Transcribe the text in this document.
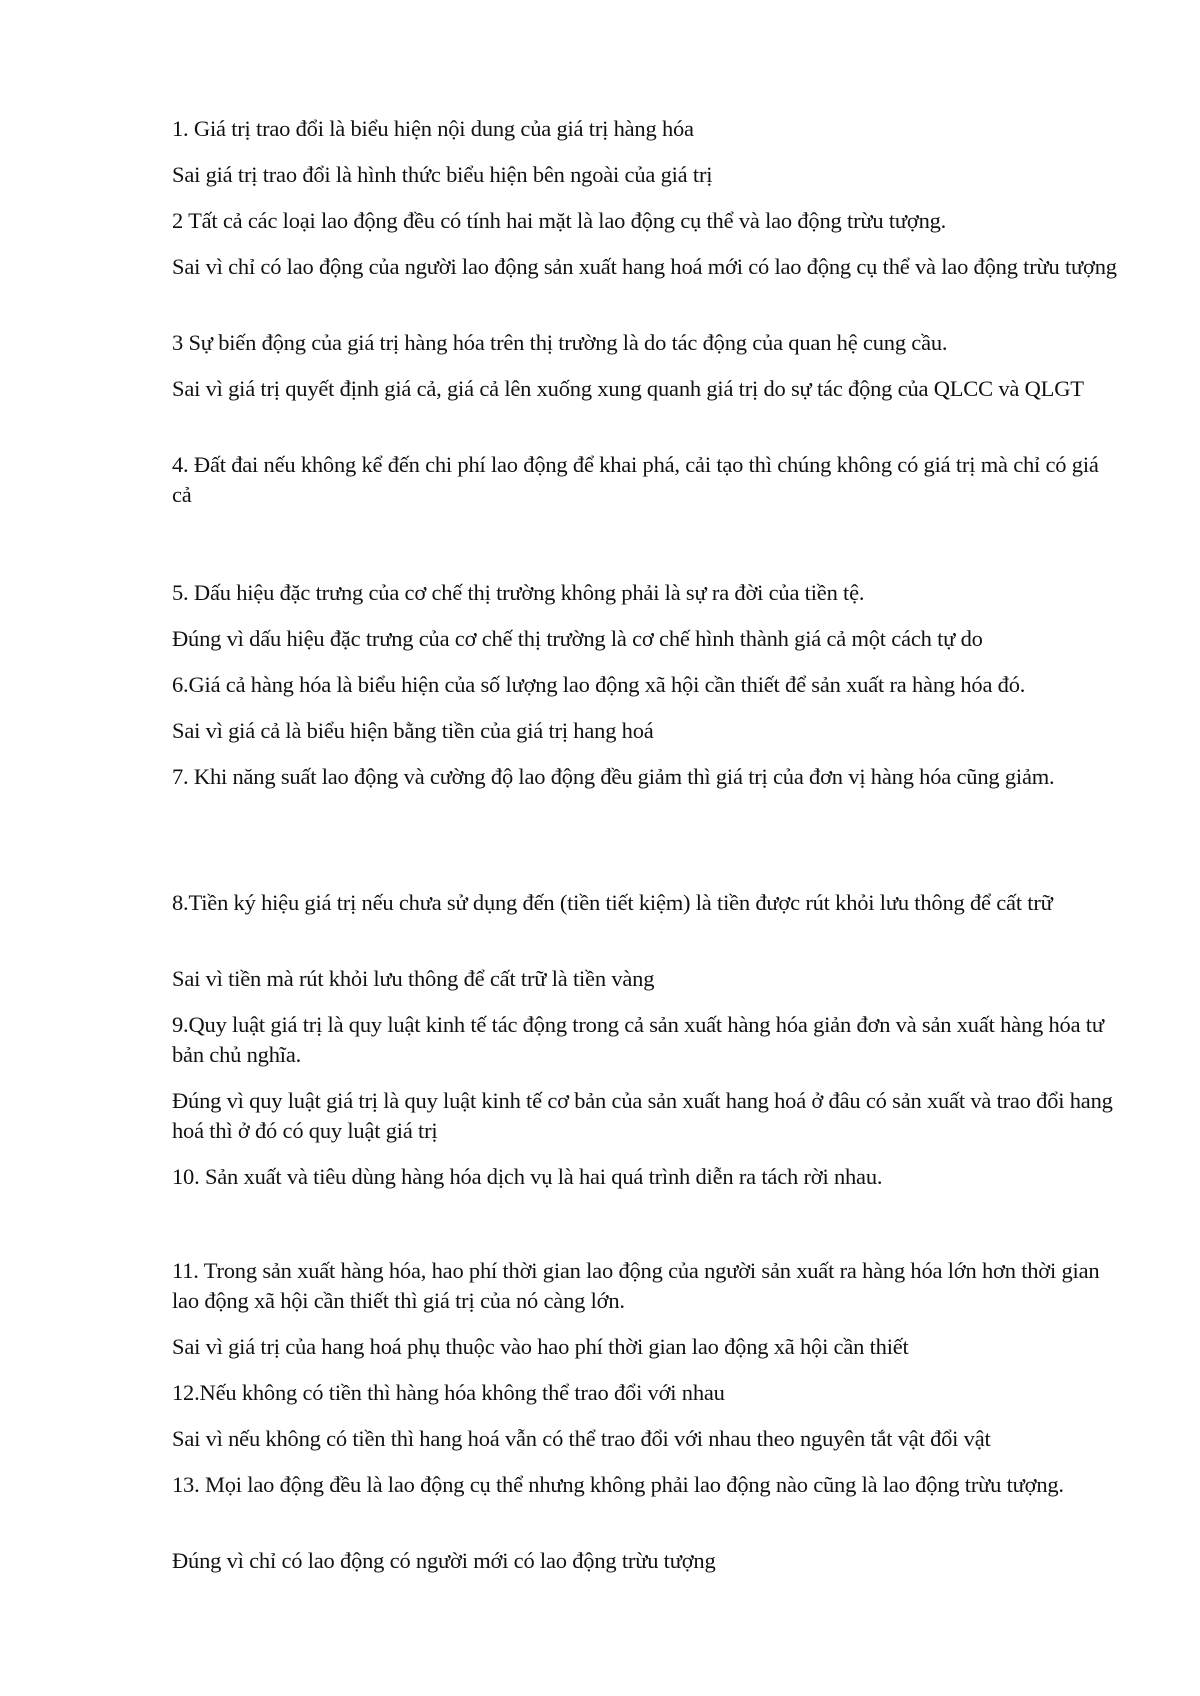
1. Giá trị trao đổi là biểu hiện nội dung của giá trị hàng hóa

Sai giá trị trao đổi là hình thức biểu hiện bên ngoài của giá trị

2 Tất cả các loại lao động đều có tính hai mặt là lao động cụ thể và lao động trừu tượng.

Sai vì chỉ có lao động của người lao động sản xuất hang hoá mới có lao động cụ thể và lao động trừu tượng

3 Sự biến động của giá trị hàng hóa trên thị trường là do tác động của quan hệ cung cầu.

Sai vì giá trị quyết định giá cả, giá cả lên xuống xung quanh giá trị do sự tác động của QLCC và QLGT

4. Đất đai nếu không kể đến chi phí lao động để khai phá, cải tạo thì chúng không có giá trị mà chỉ có giá cả

5. Dấu hiệu đặc trưng của cơ chế thị trường không phải là sự ra đời của tiền tệ.

Đúng vì dấu hiệu đặc trưng của cơ chế thị trường là cơ chế hình thành giá cả một cách tự do

6.Giá cả hàng hóa là biểu hiện của số lượng lao động xã hội cần thiết để sản xuất ra hàng hóa đó.

Sai vì giá cả là biểu hiện bằng tiền của giá trị hang hoá

7. Khi năng suất lao động và cường độ lao động đều giảm thì giá trị của đơn vị hàng hóa cũng giảm.

8.Tiền ký hiệu giá trị nếu chưa sử dụng đến (tiền tiết kiệm) là tiền được rút khỏi lưu thông để cất trữ

Sai vì tiền mà rút khỏi lưu thông để cất trữ là tiền vàng

9.Quy luật giá trị là quy luật kinh tế tác động trong cả sản xuất hàng hóa giản đơn và sản xuất hàng hóa tư bản chủ nghĩa.

Đúng vì quy luật giá trị là quy luật kinh tế cơ bản của sản xuất hang hoá ở đâu có sản xuất và trao đổi hang hoá thì ở đó có quy luật giá trị

10. Sản xuất và tiêu dùng hàng hóa dịch vụ là hai quá trình diễn ra tách rời nhau.

11. Trong sản xuất hàng hóa, hao phí thời gian lao động của người sản xuất ra hàng hóa lớn hơn thời gian lao động xã hội cần thiết thì giá trị của nó càng lớn.

Sai vì giá trị của hang hoá phụ thuộc vào hao phí thời gian lao động xã hội cần thiết

12.Nếu không có tiền thì hàng hóa không thể trao đổi với nhau

Sai vì nếu không có tiền thì hang hoá vẫn có thể trao đổi với nhau theo nguyên tắt vật đổi vật

13. Mọi lao động đều là lao động cụ thể nhưng không phải lao động nào cũng là lao động trừu tượng.

Đúng vì chỉ có lao động có người mới có lao động trừu tượng
